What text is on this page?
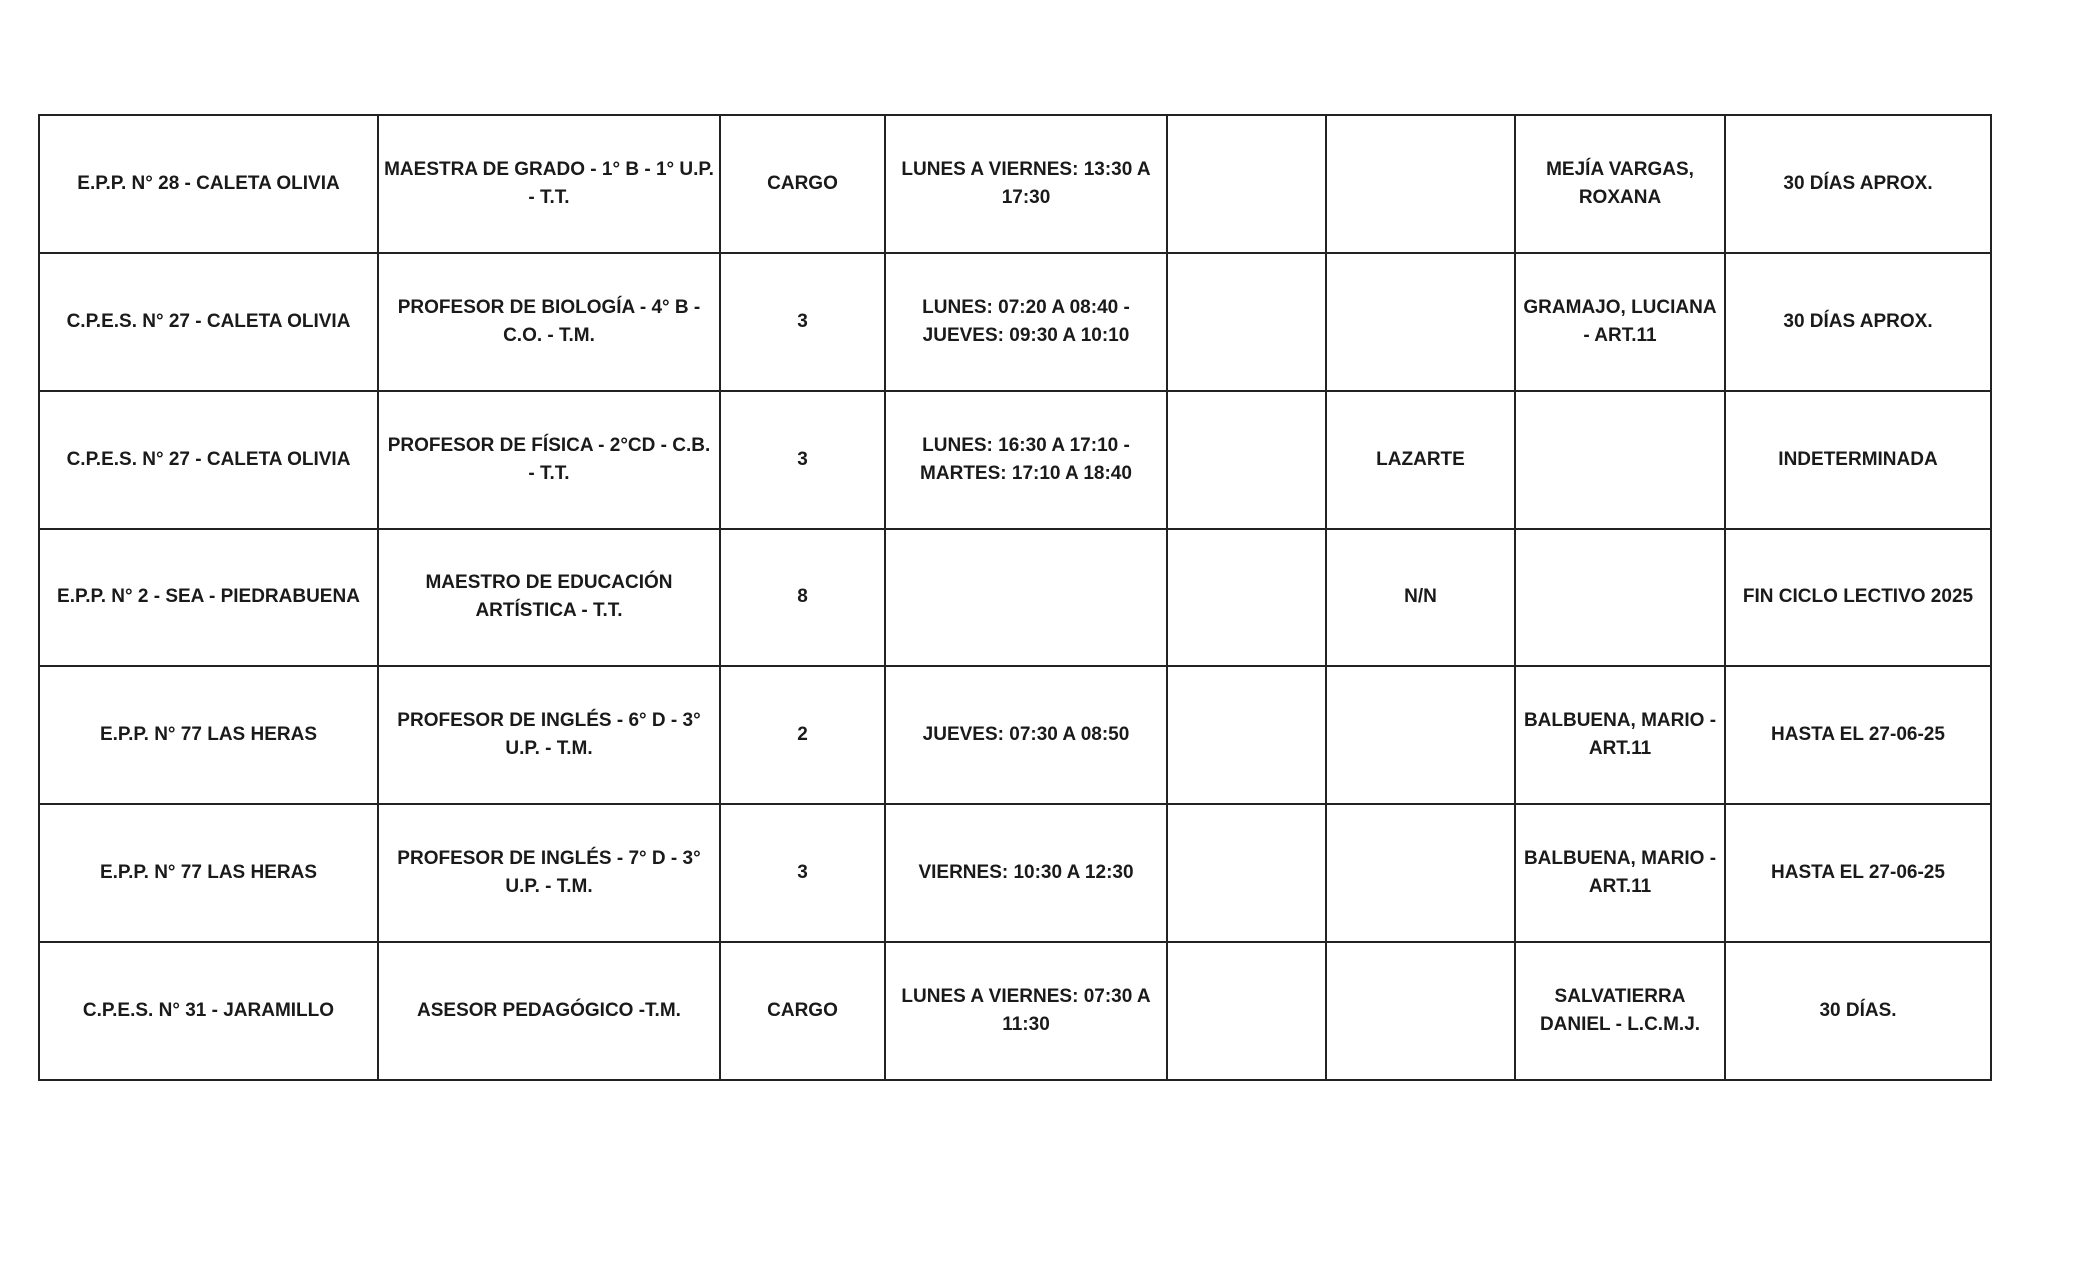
E.P.P. N° 28 - CALETA OLIVIA	MAESTRA DE GRADO - 1° B - 1° U.P. - T.T.	CARGO	LUNES A VIERNES: 13:30 A 17:30			MEJÍA VARGAS, ROXANA	30 DÍAS APROX.
C.P.E.S. N° 27 - CALETA OLIVIA	PROFESOR DE BIOLOGÍA - 4° B - C.O. - T.M.	3	LUNES: 07:20 A 08:40 - JUEVES: 09:30 A 10:10			GRAMAJO, LUCIANA - ART.11	30 DÍAS APROX.
C.P.E.S. N° 27 - CALETA OLIVIA	PROFESOR DE FÍSICA - 2°CD - C.B. - T.T.	3	LUNES: 16:30 A 17:10 - MARTES: 17:10 A 18:40		LAZARTE		INDETERMINADA
E.P.P. N° 2 - SEA - PIEDRABUENA	MAESTRO DE EDUCACIÓN ARTÍSTICA - T.T.	8			N/N		FIN CICLO LECTIVO 2025
E.P.P. N° 77 LAS HERAS	PROFESOR DE INGLÉS - 6° D - 3° U.P. - T.M.	2	JUEVES: 07:30 A 08:50			BALBUENA, MARIO - ART.11	HASTA EL 27-06-25
E.P.P. N° 77 LAS HERAS	PROFESOR DE INGLÉS - 7° D - 3° U.P. - T.M.	3	VIERNES: 10:30 A 12:30			BALBUENA, MARIO - ART.11	HASTA EL 27-06-25
C.P.E.S. N° 31 - JARAMILLO	ASESOR PEDAGÓGICO -T.M.	CARGO	LUNES A VIERNES: 07:30 A 11:30			SALVATIERRA DANIEL - L.C.M.J.	30 DÍAS.
